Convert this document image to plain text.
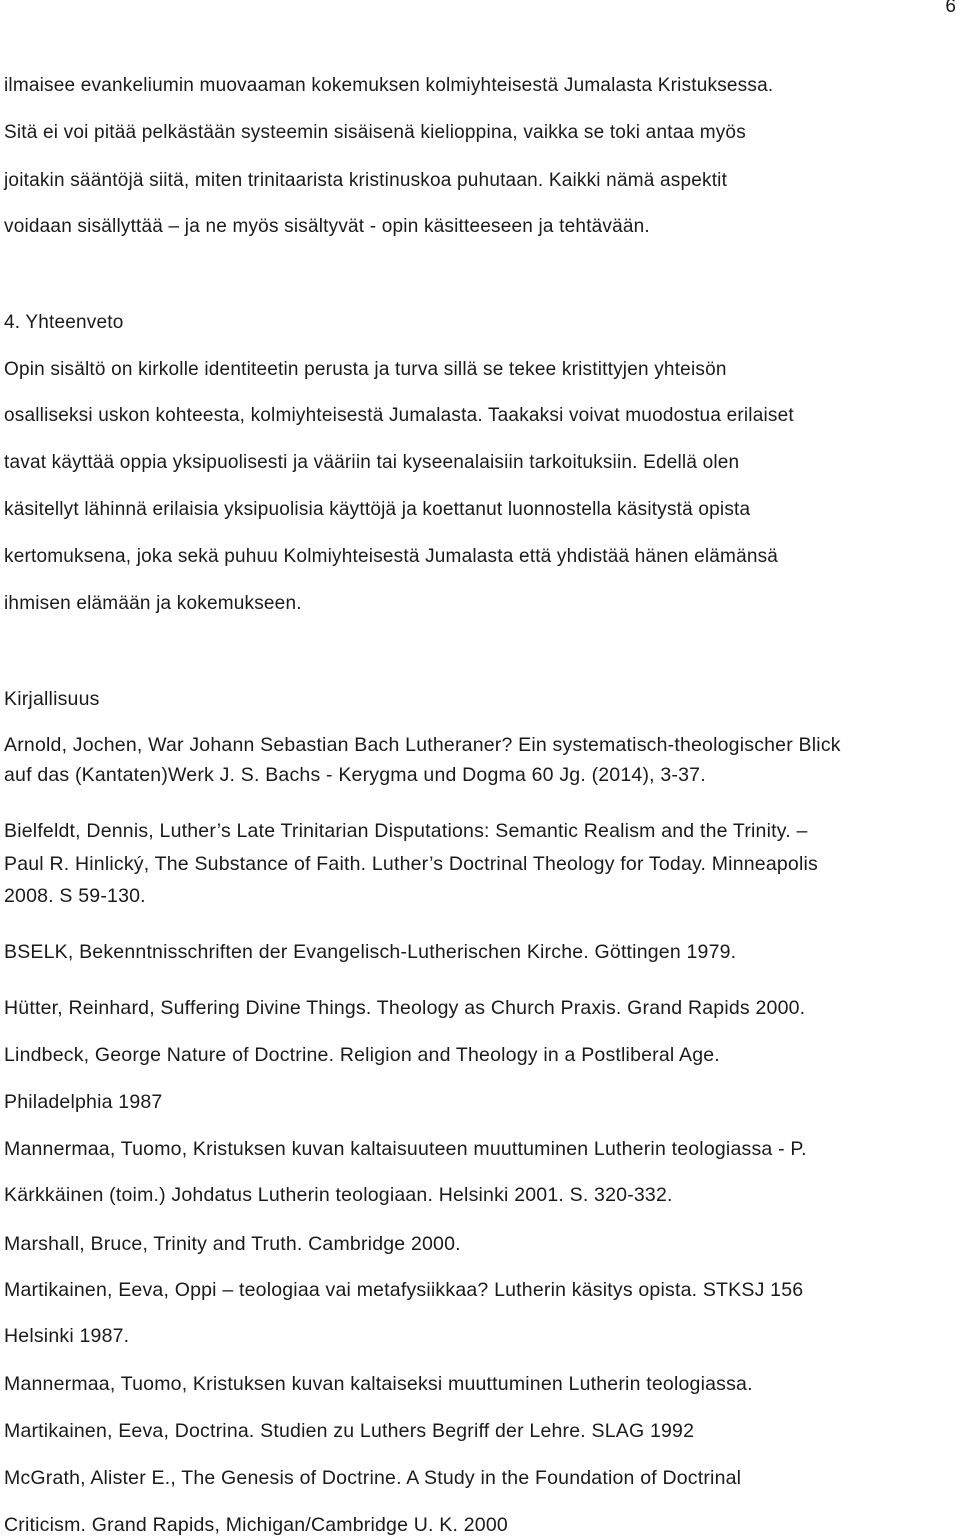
6
ilmaisee evankeliumin muovaaman kokemuksen kolmiyhteisestä Jumalasta Kristuksessa.
Sitä ei voi pitää pelkästään systeemin sisäisenä kielioppina, vaikka se toki antaa myös
joitakin sääntöjä siitä, miten trinitaarista kristinuskoa puhutaan. Kaikki nämä aspektit
voidaan sisällyttää – ja ne myös sisältyvät - opin käsitteeseen ja tehtävään.
4. Yhteenveto
Opin sisältö on kirkolle identiteetin perusta ja turva sillä se tekee kristittyjen yhteisön
osalliseksi uskon kohteesta, kolmiyhteisestä Jumalasta. Taakaksi voivat muodostua erilaiset
tavat käyttää oppia yksipuolisesti ja vääriin tai kyseenalaisiin tarkoituksiin. Edellä olen
käsitellyt lähinnä erilaisia yksipuolisia käyttöjä ja koettanut luonnostella käsitystä opista
kertomuksena, joka sekä puhuu Kolmiyhteisestä Jumalasta että yhdistää hänen elämänsä
ihmisen elämään ja kokemukseen.
Kirjallisuus
Arnold, Jochen, War Johann Sebastian Bach Lutheraner? Ein systematisch-theologischer Blick
auf das (Kantaten)Werk J. S. Bachs - Kerygma und Dogma 60 Jg. (2014), 3-37.
Bielfeldt, Dennis, Luther’s Late Trinitarian Disputations: Semantic Realism and the Trinity. –
Paul R. Hinlický, The Substance of Faith. Luther’s Doctrinal Theology for Today. Minneapolis
2008. S 59-130.
BSELK, Bekenntnisschriften der Evangelisch-Lutherischen Kirche. Göttingen 1979.
Hütter, Reinhard, Suffering Divine Things. Theology as Church Praxis. Grand Rapids 2000.
Lindbeck, George Nature of Doctrine. Religion and Theology in a Postliberal Age.
Philadelphia 1987
Mannermaa, Tuomo, Kristuksen kuvan kaltaisuuteen muuttuminen Lutherin teologiassa - P.
Kärkkäinen (toim.) Johdatus Lutherin teologiaan. Helsinki 2001. S. 320-332.
Marshall, Bruce, Trinity and Truth. Cambridge 2000.
Martikainen, Eeva, Oppi – teologiaa vai metafysiikkaa? Lutherin käsitys opista. STKSJ 156
Helsinki 1987.
Mannermaa, Tuomo, Kristuksen kuvan kaltaiseksi muuttuminen Lutherin teologiassa.
Martikainen, Eeva, Doctrina. Studien zu Luthers Begriff der Lehre. SLAG 1992
McGrath, Alister E., The Genesis of Doctrine. A Study in the Foundation of Doctrinal
Criticism. Grand Rapids, Michigan/Cambridge U. K. 2000
